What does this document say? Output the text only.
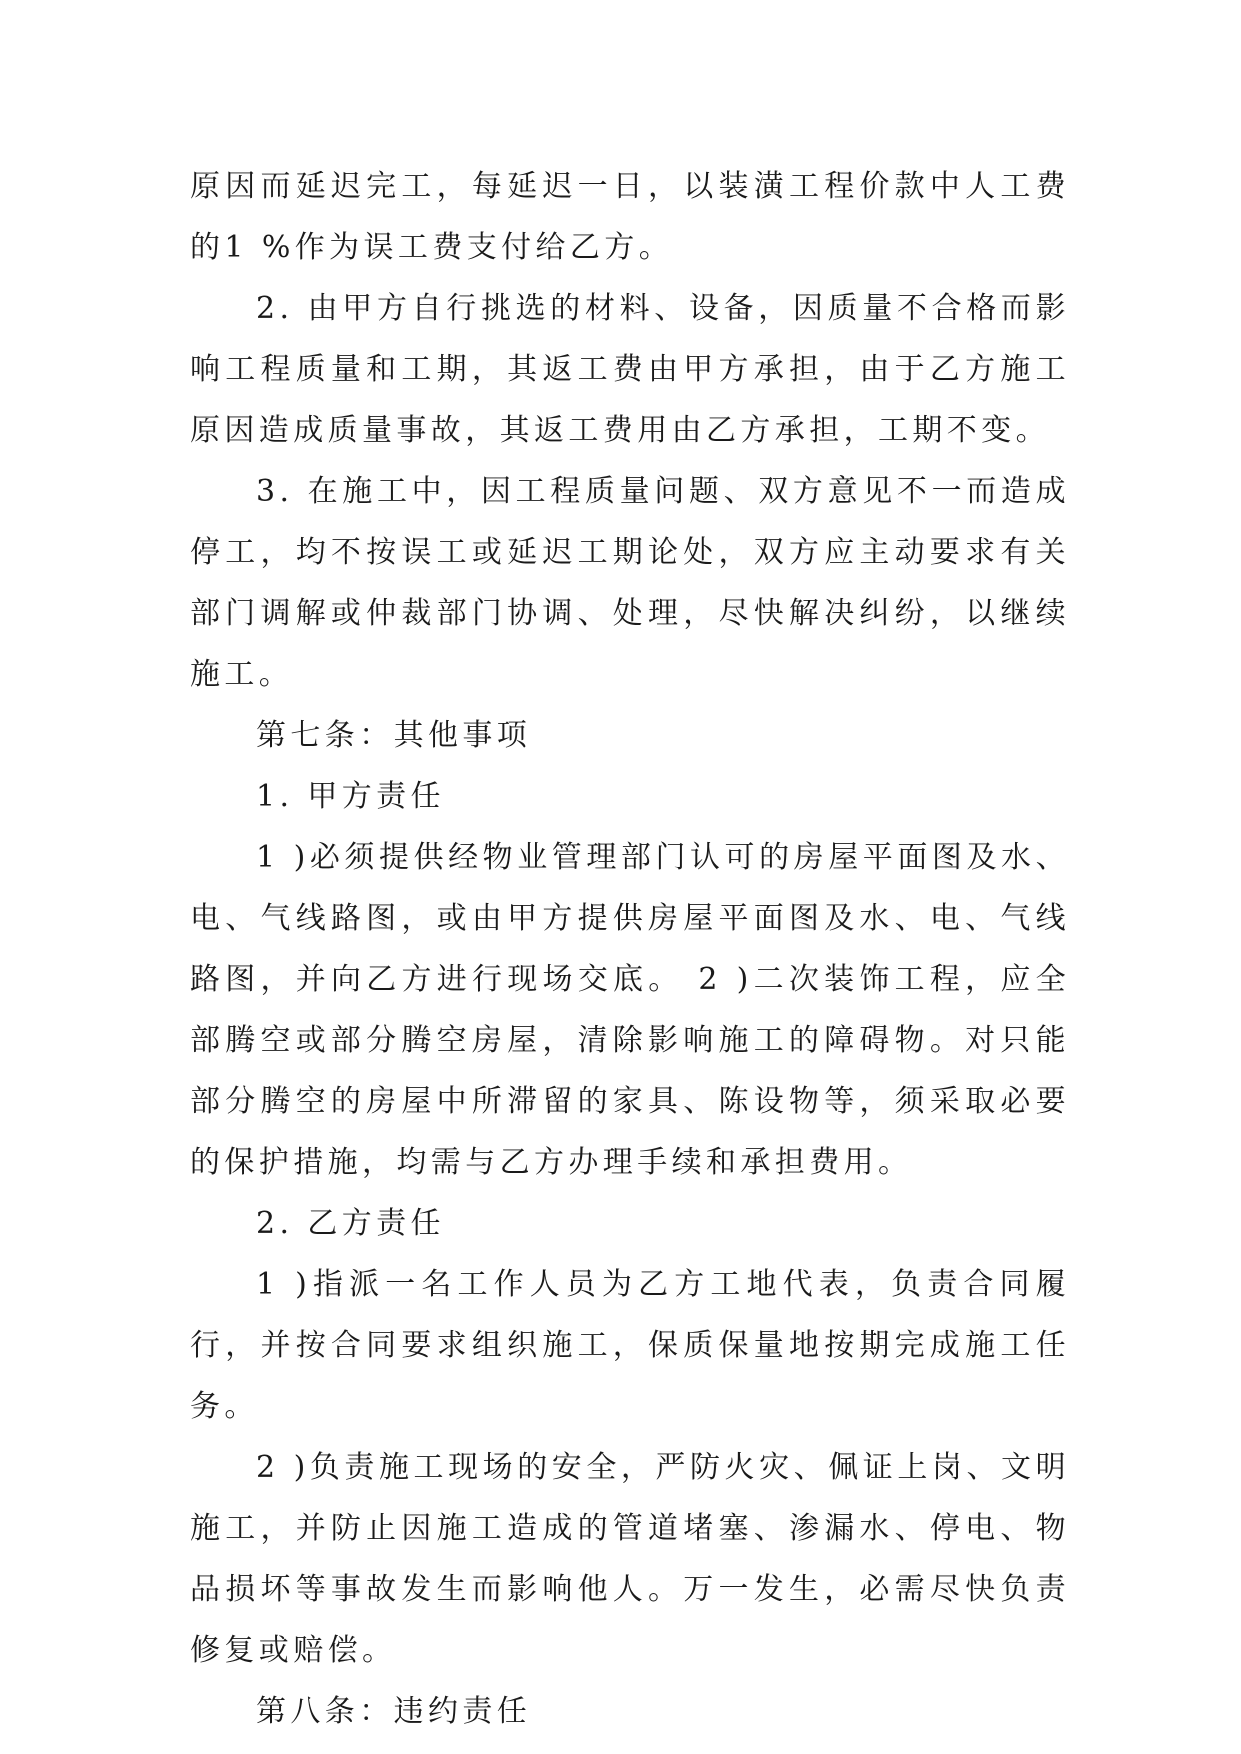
原因而延迟完工，每延迟一日，以装潢工程价款中人工费的1 %作为误工费支付给乙方。

2. 由甲方自行挑选的材料、设备，因质量不合格而影响工程质量和工期，其返工费由甲方承担，由于乙方施工原因造成质量事故，其返工费用由乙方承担，工期不变。

3. 在施工中，因工程质量问题、双方意见不一而造成停工，均不按误工或延迟工期论处，双方应主动要求有关部门调解或仲裁部门协调、处理，尽快解决纠纷，以继续施工。

第七条：其他事项

1. 甲方责任

1 )必须提供经物业管理部门认可的房屋平面图及水、电、气线路图，或由甲方提供房屋平面图及水、电、气线路图，并向乙方进行现场交底。 2 )二次装饰工程，应全部腾空或部分腾空房屋，清除影响施工的障碍物。对只能部分腾空的房屋中所滞留的家具、陈设物等，须采取必要的保护措施，均需与乙方办理手续和承担费用。

2. 乙方责任

1 )指派一名工作人员为乙方工地代表，负责合同履行，并按合同要求组织施工，保质保量地按期完成施工任务。

2 )负责施工现场的安全，严防火灾、佩证上岗、文明施工，并防止因施工造成的管道堵塞、渗漏水、停电、物品损坏等事故发生而影响他人。万一发生，必需尽快负责修复或赔偿。

第八条：违约责任
